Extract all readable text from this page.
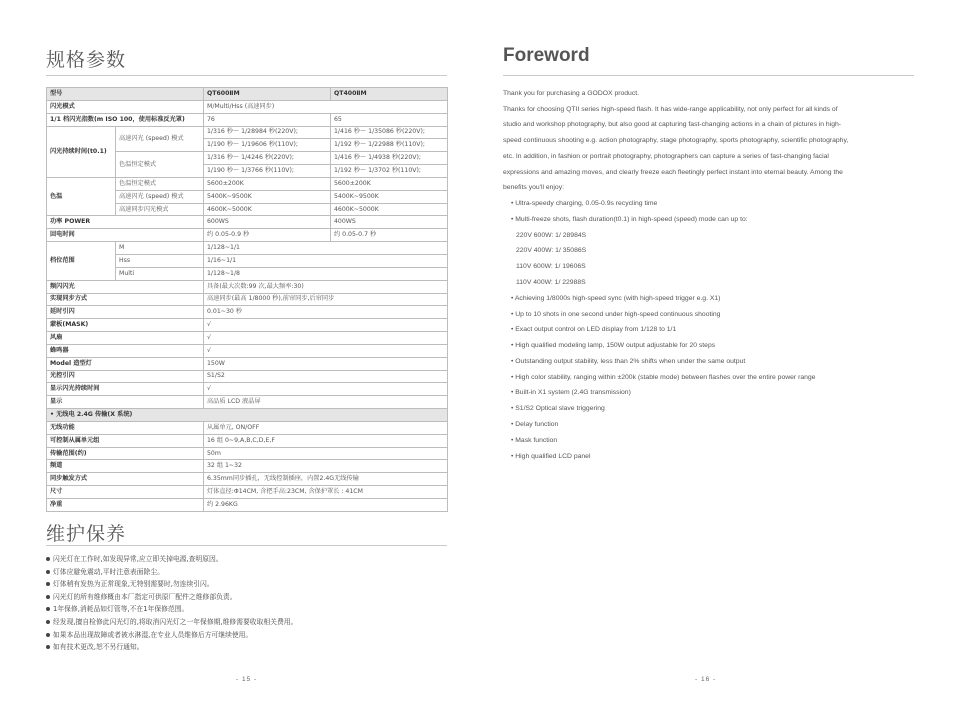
规格参数
型号		QT600ⅡM	QT400ⅡM
闪光模式		M/Multi/Hss (高速同步)	
1/1 档闪光指数(m ISO 100，使用标准反光罩)		76	65
闪光持续时间(t0.1)	高速闪光 (speed) 模式	1/316 秒～ 1/28984 秒(220V);	1/416 秒～ 1/35086 秒(220V);
		1/190 秒～ 1/19606 秒(110V);	1/192 秒～ 1/22988 秒(110V);
	色温恒定模式	1/316 秒～ 1/4246 秒(220V);	1/416 秒～ 1/4938 秒(220V);
		1/190 秒～ 1/3766 秒(110V);	1/192 秒～ 1/3702 秒(110V);
色温	色温恒定模式	5600±200K	5600±200K
	高速闪光 (speed) 模式	5400K~9500K	5400K~9500K
	高速同步闪光模式	4600K~5000K	4600K~5000K
功率 POWER		600WS	400WS
回电时间		约 0.05-0.9 秒	约 0.05-0.7 秒
档位范围	M	1/128~1/1	
	Hss	1/16~1/1	
	Multi	1/128~1/8	
频闪闪光		具备(最大次数:99 次,最大频率:30)	
实现同步方式		高速同步(最高 1/8000 秒),前帘同步,后帘同步	
延时引闪		0.01~30 秒	
蒙板(MASK)		√	
风扇		√	
蜂鸣器		√	
Model 造型灯		150W	
光控引闪		S1/S2	
显示闪光持续时间		√	
显示		高品质 LCD 液晶屏	
• 无线电 2.4G 传输(X 系统)			
无线功能		从属单元, ON/OFF	
可控制从属单元组		16 组 0~9,A,B,C,D,E,F	
传输范围(约)		50m	
频道		32 组 1~32	
同步触发方式		6.35mm同步插孔，无线控制插座，内置2.4G无线传输	
尺寸		灯体直径:Φ14CM, 含把手高:23CM, 含保护罩长 : 41CM	
净重		约 2.96KG	
维护保养
闪光灯在工作时,如发现异常,应立即关掉电源,查明原因。
灯体应避免震动,平时注意表面除尘。
灯体稍有发热为正常现象,无特别需要时,勿连续引闪。
闪光灯的所有维修概由本厂指定可供原厂配件之维修部负责。
1年保修,消耗品如灯管等,不在1年保修范围。
经发现,擅自检修此闪光灯的,将取消闪光灯之一年保修期,维修需要收取相关费用。
如果本品出现故障或者被水淋湿,在专业人员维修后方可继续使用。
如有技术更改,恕不另行通知。
- 15 -
Foreword
- 16 -

Thank you for purchasing a GODOX product.

Thanks for choosing QTII series high-speed flash. It has wide-range applicability, not only perfect for all kinds of

studio and workshop photography, but also good at capturing fast-changing actions in a chain of pictures in high-

speed continuous shooting e.g. action photography, stage photography, sports photography, scientific photography,

etc. In addition, in fashion or portrait photography, photographers can capture a series of fast-changing facial

expressions and amazing moves, and clearly freeze each fleetingly perfect instant into eternal beauty. Among the

benefits you'll enjoy:

• Ultra-speedy charging, 0.05-0.9s recycling time
• Multi-freeze shots, flash duration(t0.1) in high-speed (speed) mode can up to:
220V 600W: 1/ 28984S
220V 400W: 1/ 35086S
110V 600W: 1/ 19606S
110V 400W: 1/ 22988S
• Achieving 1/8000s high-speed sync (with high-speed trigger e.g. X1)
• Up to 10 shots in one second under high-speed continuous shooting
• Exact output control on LED display from 1/128 to 1/1
• High qualified modeling lamp, 150W output adjustable for 20 steps
• Outstanding output stability, less than 2% shifts when under the same output
• High color stability, ranging within ±200k (stable mode) between flashes over the entire power range
• Built-in X1 system (2.4G transmission)
• S1/S2 Optical slave triggering
• Delay function
• Mask function
• High qualified LCD panel
